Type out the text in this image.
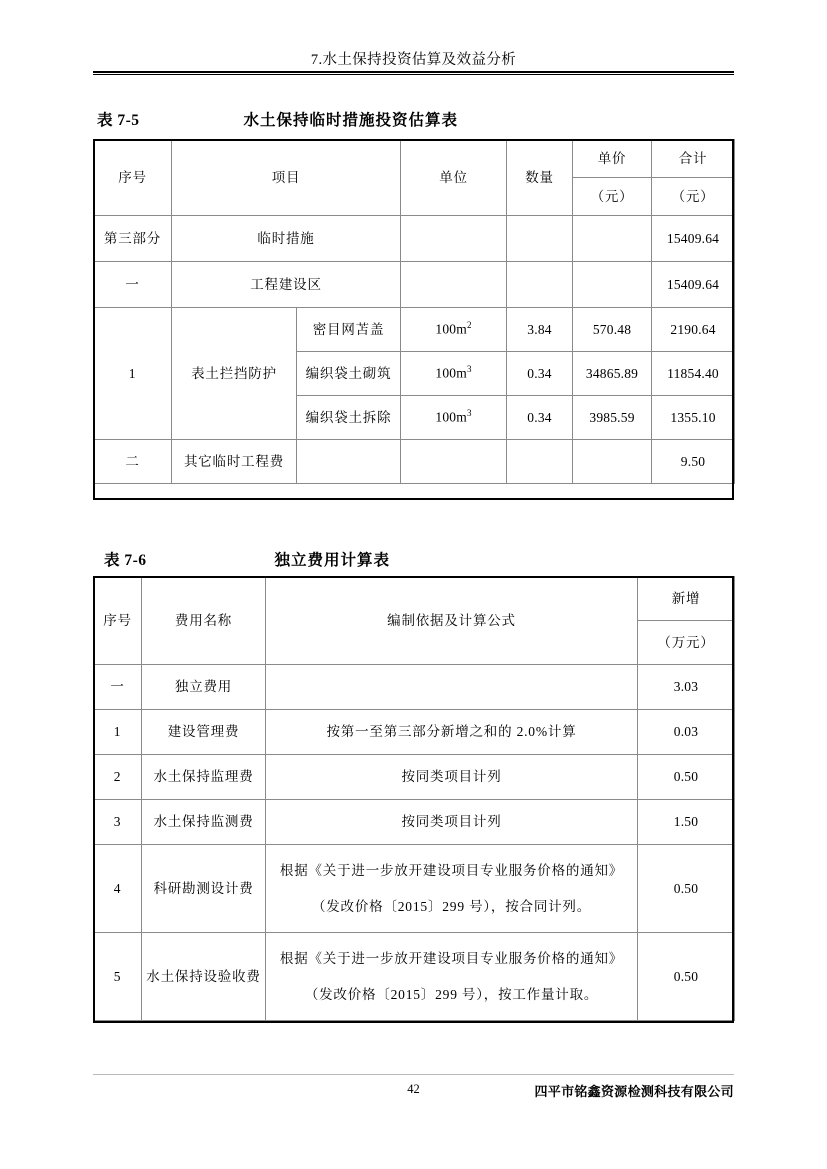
7.水土保持投资估算及效益分析
表 7-5	水土保持临时措施投资估算表
序号	项目		单位	数量	单价	合计
					（元）	（元）
第三部分	临时措施					15409.64
一	工程建设区					15409.64
1	表土拦挡防护	密目网苫盖	$100m^2$	3.84	570.48	2190.64
		编织袋土砌筑	$100m^3$	0.34	34865.89	11854.40
		编织袋土拆除	$100m^3$	0.34	3985.59	1355.10
二	其它临时工程费					9.50
表 7-6	独立费用计算表
序号	费用名称	编制依据及计算公式	新增
			（万元）
一	独立费用		3.03
1	建设管理费	按第一至第三部分新增之和的 2.0%计算	0.03
2	水土保持监理费	按同类项目计列	0.50
3	水土保持监测费	按同类项目计列	1.50
4	科研勘测设计费	根据《关于进一步放开建设项目专业服务价格的通知》
（发改价格〔2015〕299 号），按合同计列。	0.50
5	水土保持设验收费	根据《关于进一步放开建设项目专业服务价格的通知》
（发改价格〔2015〕299 号），按工作量计取。	0.50
42	四平市铭鑫资源检测科技有限公司
